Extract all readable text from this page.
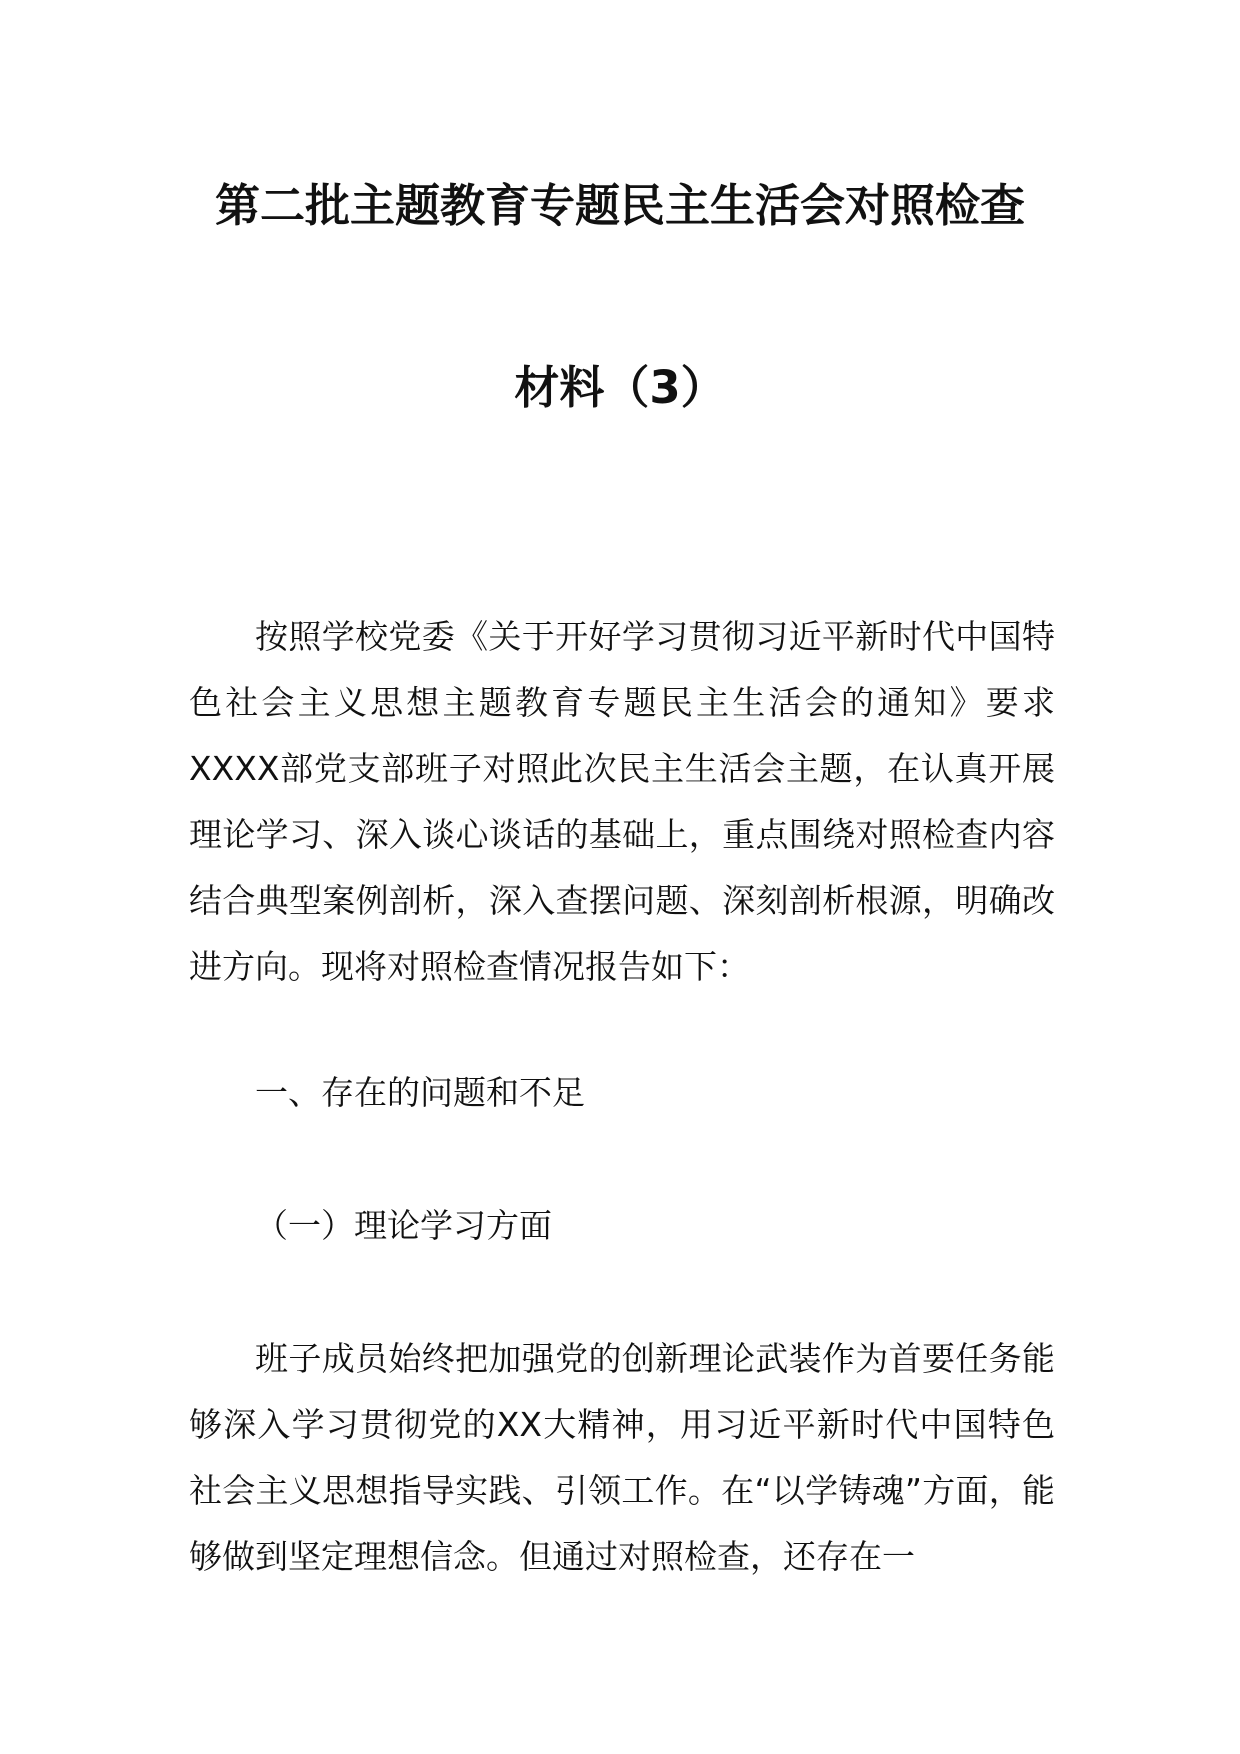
第二批主题教育专题民主生活会对照检查
材料（3）
按照学校党委《关于开好学习贯彻习近平新时代中国特色社会主义思想主题教育专题民主生活会的通知》要求XXXX部党支部班子对照此次民主生活会主题，在认真开展理论学习、深入谈心谈话的基础上，重点围绕对照检查内容结合典型案例剖析，深入查摆问题、深刻剖析根源，明确改进方向。现将对照检查情况报告如下：
一、存在的问题和不足
（一）理论学习方面
班子成员始终把加强党的创新理论武装作为首要任务能够深入学习贯彻党的XX大精神，用习近平新时代中国特色社会主义思想指导实践、引领工作。在“以学铸魂”方面，能够做到坚定理想信念。但通过对照检查，还存在一
